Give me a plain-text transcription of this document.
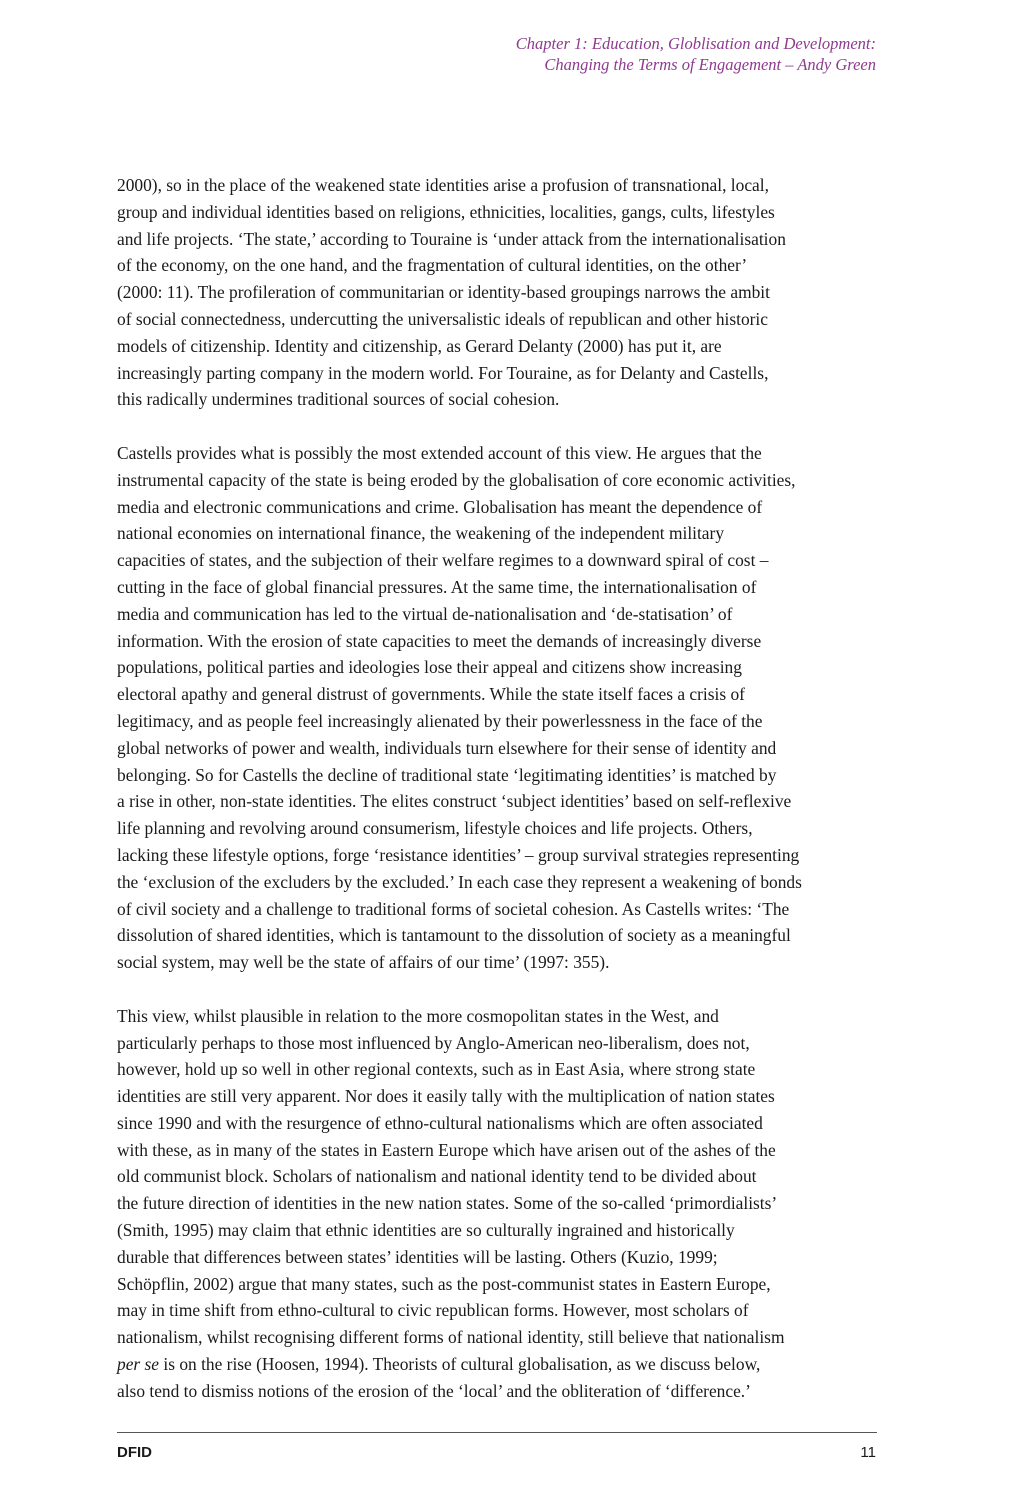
Chapter 1: Education, Globlisation and Development:
Changing the Terms of Engagement – Andy Green

2000), so in the place of the weakened state identities arise a profusion of transnational, local,
group and individual identities based on religions, ethnicities, localities, gangs, cults, lifestyles
and life projects. ‘The state,’ according to Touraine is ‘under attack from the internationalisation
of the economy, on the one hand, and the fragmentation of cultural identities, on the other’
(2000: 11). The profileration of communitarian or identity-based groupings narrows the ambit
of social connectedness, undercutting the universalistic ideals of republican and other historic
models of citizenship. Identity and citizenship, as Gerard Delanty (2000) has put it, are
increasingly parting company in the modern world. For Touraine, as for Delanty and Castells,
this radically undermines traditional sources of social cohesion.

Castells provides what is possibly the most extended account of this view. He argues that the
instrumental capacity of the state is being eroded by the globalisation of core economic activities,
media and electronic communications and crime. Globalisation has meant the dependence of
national economies on international finance, the weakening of the independent military
capacities of states, and the subjection of their welfare regimes to a downward spiral of cost –
cutting in the face of global financial pressures. At the same time, the internationalisation of
media and communication has led to the virtual de-nationalisation and ‘de-statisation’ of
information. With the erosion of state capacities to meet the demands of increasingly diverse
populations, political parties and ideologies lose their appeal and citizens show increasing
electoral apathy and general distrust of governments. While the state itself faces a crisis of
legitimacy, and as people feel increasingly alienated by their powerlessness in the face of the
global networks of power and wealth, individuals turn elsewhere for their sense of identity and
belonging. So for Castells the decline of traditional state ‘legitimating identities’ is matched by
a rise in other, non-state identities. The elites construct ‘subject identities’ based on self-reflexive
life planning and revolving around consumerism, lifestyle choices and life projects. Others,
lacking these lifestyle options, forge ‘resistance identities’ – group survival strategies representing
the ‘exclusion of the excluders by the excluded.’ In each case they represent a weakening of bonds
of civil society and a challenge to traditional forms of societal cohesion. As Castells writes: ‘The
dissolution of shared identities, which is tantamount to the dissolution of society as a meaningful
social system, may well be the state of affairs of our time’ (1997: 355).

This view, whilst plausible in relation to the more cosmopolitan states in the West, and
particularly perhaps to those most influenced by Anglo-American neo-liberalism, does not,
however, hold up so well in other regional contexts, such as in East Asia, where strong state
identities are still very apparent. Nor does it easily tally with the multiplication of nation states
since 1990 and with the resurgence of ethno-cultural nationalisms which are often associated
with these, as in many of the states in Eastern Europe which have arisen out of the ashes of the
old communist block. Scholars of nationalism and national identity tend to be divided about
the future direction of identities in the new nation states. Some of the so-called ‘primordialists’
(Smith, 1995) may claim that ethnic identities are so culturally ingrained and historically
durable that differences between states’ identities will be lasting. Others (Kuzio, 1999;
Schöpflin, 2002) argue that many states, such as the post-communist states in Eastern Europe,
may in time shift from ethno-cultural to civic republican forms. However, most scholars of
nationalism, whilst recognising different forms of national identity, still believe that nationalism
per se is on the rise (Hoosen, 1994). Theorists of cultural globalisation, as we discuss below,
also tend to dismiss notions of the erosion of the ‘local’ and the obliteration of ‘difference.’

DFID	11
